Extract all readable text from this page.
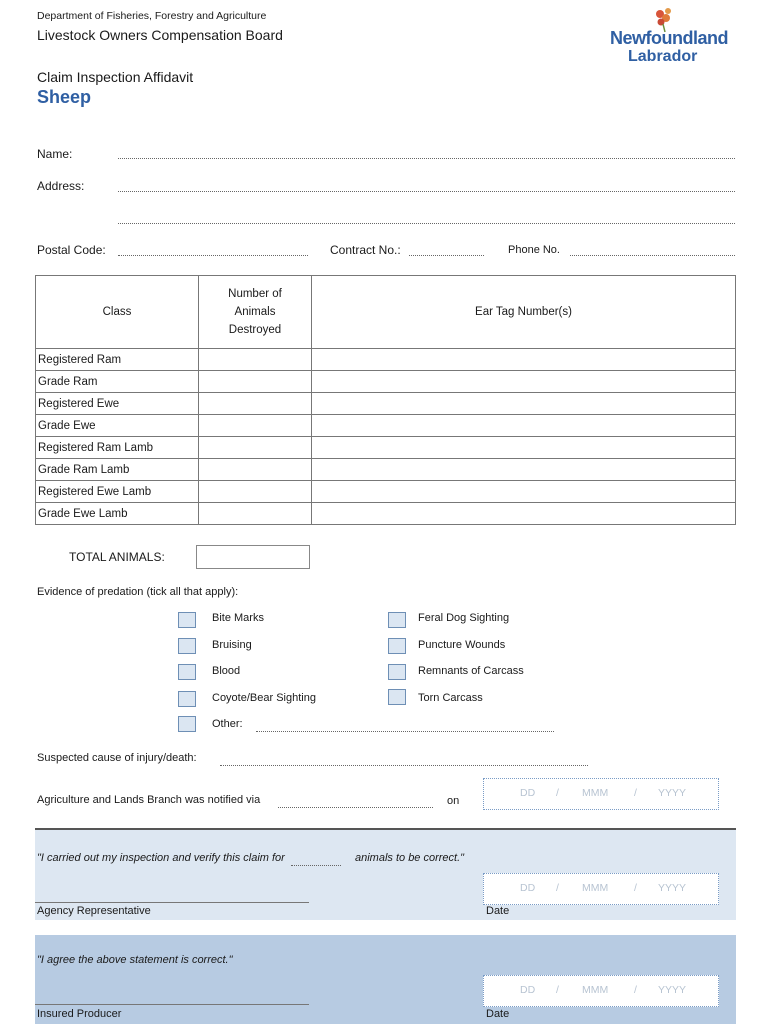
Department of Fisheries, Forestry and Agriculture
Livestock Owners Compensation Board
Claim Inspection Affidavit
Sheep
Newfoundland
Labrador
Name:
Address:
Postal Code:	Contract No.:	Phone No.
Class	Number of
Animals
Destroyed	Ear Tag Number(s)
Registered Ram		
Grade Ram		
Registered Ewe		
Grade Ewe		
Registered Ram Lamb		
Grade Ram Lamb		
Registered Ewe Lamb		
Grade Ewe Lamb		
TOTAL ANIMALS:
Evidence of predation (tick all that apply):
Bite Marks
Bruising
Blood
Coyote/Bear Sighting
Other:
Feral Dog Sighting
Puncture Wounds
Remnants of Carcass
Torn Carcass
Suspected cause of injury/death:
Agriculture and Lands Branch was notified via	on
DD / MMM / YYYY
"I carried out my inspection and verify this claim for	animals to be correct."
Agency Representative
DD / MMM / YYYY
Date
"I agree the above statement is correct."
Insured Producer
DD / MMM / YYYY
Date
